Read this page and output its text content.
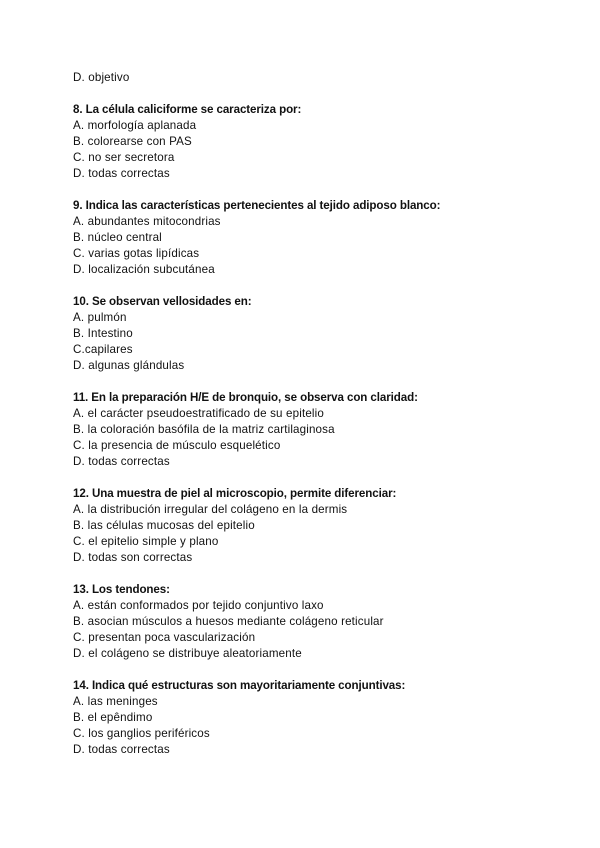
D. objetivo
8. La célula caliciforme se caracteriza por:
A. morfología aplanada
B. colorearse con PAS
C. no ser secretora
D. todas correctas
9. Indica las características pertenecientes al tejido adiposo blanco:
A. abundantes mitocondrias
B. núcleo central
C. varias gotas lipídicas
D. localización subcutánea
10. Se observan vellosidades en:
A. pulmón
B. Intestino
C.capilares
D. algunas glándulas
11. En la preparación H/E de bronquio, se observa con claridad:
A. el carácter pseudoestratificado de su epitelio
B. la coloración basófila de la matriz cartilaginosa
C. la presencia de músculo esquelético
D. todas correctas
12. Una muestra de piel al microscopio, permite diferenciar:
A. la distribución irregular del colágeno en la dermis
B. las células mucosas del epitelio
C. el epitelio simple y plano
D. todas son correctas
13. Los tendones:
A. están conformados por tejido conjuntivo laxo
B. asocian músculos a huesos mediante colágeno reticular
C. presentan poca vascularización
D. el colágeno se distribuye aleatoriamente
14. Indica qué estructuras son mayoritariamente conjuntivas:
A. las meninges
B. el epêndimo
C. los ganglios periféricos
D. todas correctas
